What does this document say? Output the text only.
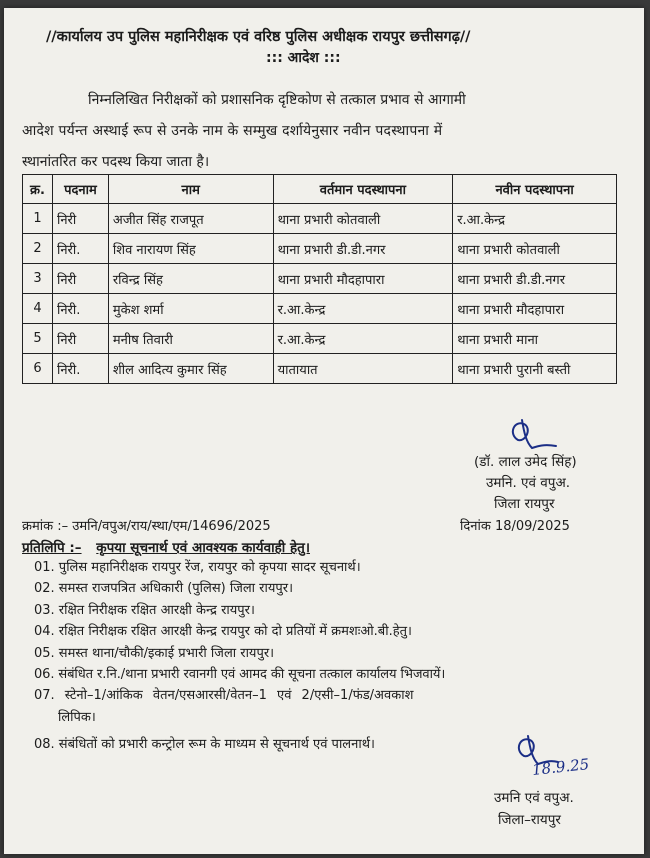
//कार्यालय उप पुलिस महानिरीक्षक एवं वरिष्ठ पुलिस अधीक्षक रायपुर छत्तीसगढ़//
::: आदेश :::
निम्नलिखित निरीक्षकों को प्रशासनिक दृष्टिकोण से तत्काल प्रभाव से आगामी
आदेश पर्यन्त अस्थाई रूप से उनके नाम के सम्मुख दर्शायेनुसार नवीन पदस्थापना में
स्थानांतरित कर पदस्थ किया जाता है।
क्र.	पदनाम	नाम	वर्तमान पदस्थापना	नवीन पदस्थापना
1	निरी	अजीत सिंह राजपूत	थाना प्रभारी कोतवाली	र.आ.केन्द्र
2	निरी.	शिव नारायण सिंह	थाना प्रभारी डी.डी.नगर	थाना प्रभारी कोतवाली
3	निरी	रविन्द्र सिंह	थाना प्रभारी मौदहापारा	थाना प्रभारी डी.डी.नगर
4	निरी.	मुकेश शर्मा	र.आ.केन्द्र	थाना प्रभारी मौदहापारा
5	निरी	मनीष तिवारी	र.आ.केन्द्र	थाना प्रभारी माना
6	निरी.	शील आदित्य कुमार सिंह	यातायात	थाना प्रभारी पुरानी बस्ती
(डॉ. लाल उमेद सिंह)
उमनि. एवं वपुअ.
जिला रायपुर
क्रमांक :– उमनि/वपुअ/राय/स्था/एम/14696/2025	दिनांक 18/09/2025
प्रतिलिपि :– कृपया सूचनार्थ एवं आवश्यक कार्यवाही हेतु।
01. पुलिस महानिरीक्षक रायपुर रेंज, रायपुर को कृपया सादर सूचनार्थ।
02. समस्त राजपत्रित अधिकारी (पुलिस) जिला रायपुर।
03. रक्षित निरीक्षक रक्षित आरक्षी केन्द्र रायपुर।
04. रक्षित निरीक्षक रक्षित आरक्षी केन्द्र रायपुर को दो प्रतियों में क्रमशःओ.बी.हेतु।
05. समस्त थाना/चौकी/इकाई प्रभारी जिला रायपुर।
06. संबंधित र.नि./थाना प्रभारी रवानगी एवं आमद की सूचना तत्काल कार्यालय भिजवायें।
07. स्टेनो–1/आंकिक वेतन/एसआरसी/वेतन–1 एवं 2/एसी–1/फंड/अवकाश
लिपिक।
08. संबंधितों को प्रभारी कन्ट्रोल रूम के माध्यम से सूचनार्थ एवं पालनार्थ।
18.9.25
उमनि एवं वपुअ.
जिला–रायपुर
